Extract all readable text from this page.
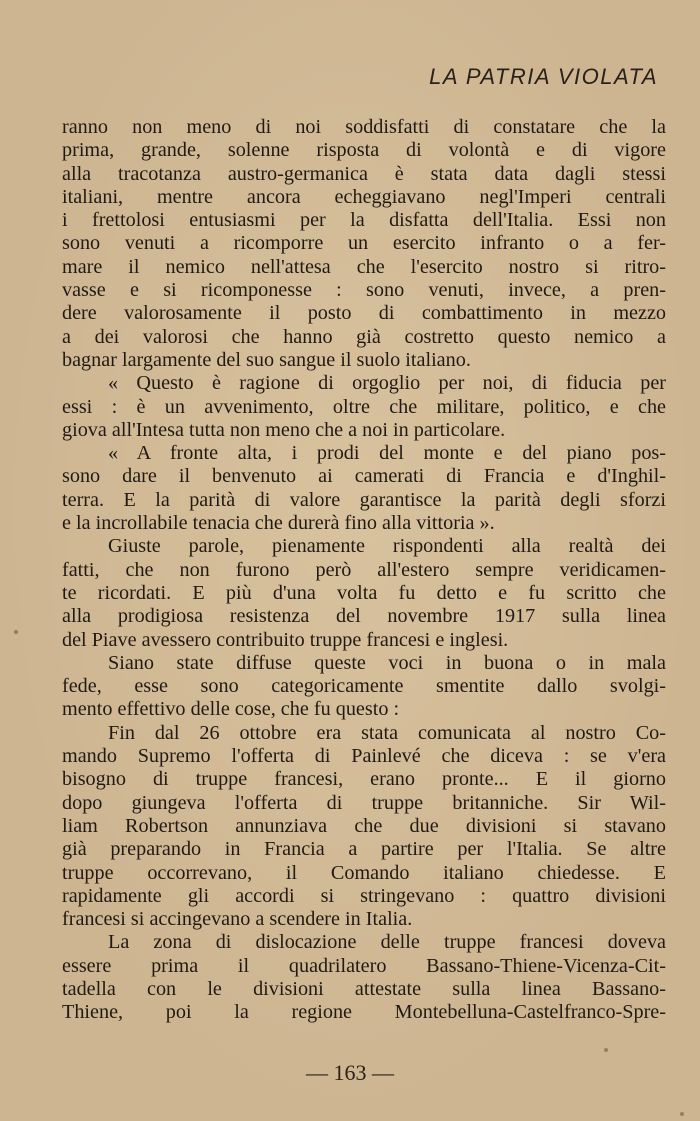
LA PATRIA VIOLATA
ranno non meno di noi soddisfatti di constatare che la
prima, grande, solenne risposta di volontà e di vigore
alla tracotanza austro-germanica è stata data dagli stessi
italiani, mentre ancora echeggiavano negl'Imperi centrali
i frettolosi entusiasmi per la disfatta dell'Italia. Essi non
sono venuti a ricomporre un esercito infranto o a fer-
mare il nemico nell'attesa che l'esercito nostro si ritro-
vasse e si ricomponesse : sono venuti, invece, a pren-
dere valorosamente il posto di combattimento in mezzo
a dei valorosi che hanno già costretto questo nemico a
bagnar largamente del suo sangue il suolo italiano.
« Questo è ragione di orgoglio per noi, di fiducia per
essi : è un avvenimento, oltre che militare, politico, e che
giova all'Intesa tutta non meno che a noi in particolare.
« A fronte alta, i prodi del monte e del piano pos-
sono dare il benvenuto ai camerati di Francia e d'Inghil-
terra. E la parità di valore garantisce la parità degli sforzi
e la incrollabile tenacia che durerà fino alla vittoria ».
Giuste parole, pienamente rispondenti alla realtà dei
fatti, che non furono però all'estero sempre veridicamen-
te ricordati. E più d'una volta fu detto e fu scritto che
alla prodigiosa resistenza del novembre 1917 sulla linea
del Piave avessero contribuito truppe francesi e inglesi.
Siano state diffuse queste voci in buona o in mala
fede, esse sono categoricamente smentite dallo svolgi-
mento effettivo delle cose, che fu questo :
Fin dal 26 ottobre era stata comunicata al nostro Co-
mando Supremo l'offerta di Painlevé che diceva : se v'era
bisogno di truppe francesi, erano pronte... E il giorno
dopo giungeva l'offerta di truppe britanniche. Sir Wil-
liam Robertson annunziava che due divisioni si stavano
già preparando in Francia a partire per l'Italia. Se altre
truppe occorrevano, il Comando italiano chiedesse. E
rapidamente gli accordi si stringevano : quattro divisioni
francesi si accingevano a scendere in Italia.
La zona di dislocazione delle truppe francesi doveva
essere prima il quadrilatero Bassano-Thiene-Vicenza-Cit-
tadella con le divisioni attestate sulla linea Bassano-
Thiene, poi la regione Montebelluna-Castelfranco-Spre-
— 163 —
